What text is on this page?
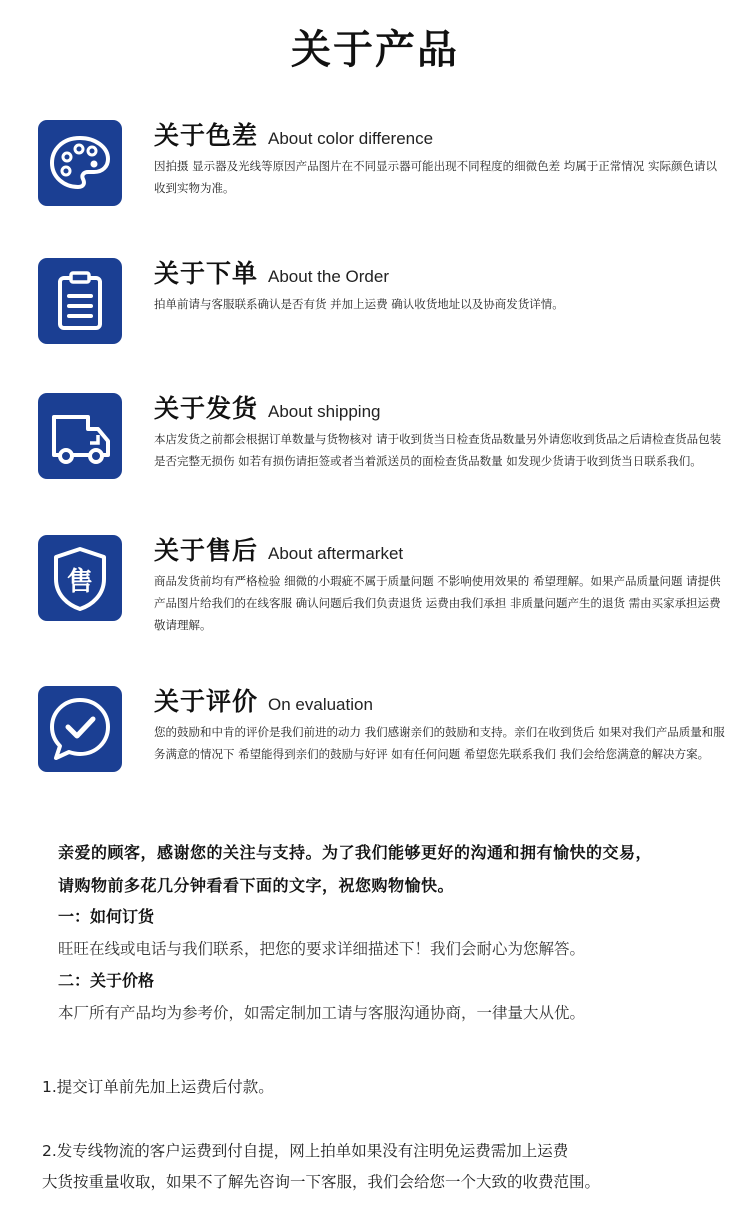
关于产品
关于色差 About color difference
因拍摄 显示器及光线等原因产品图片在不同显示器可能出现不同程度的细微色差 均属于正常情况 实际颜色请以收到实物为准。
关于下单 About the Order
拍单前请与客服联系确认是否有货 并加上运费 确认收货地址以及协商发货详情。
关于发货 About shipping
本店发货之前都会根据订单数量与货物核对 请于收到货当日检查货品数量另外请您收到货品之后请检查货品包装是否完整无损伤 如若有损伤请拒签或者当着派送员的面检查货品数量 如发现少货请于收到货当日联系我们。
售
关于售后 About aftermarket
商品发货前均有严格检验 细微的小瑕疵不属于质量问题 不影响使用效果的 希望理解。如果产品质量问题 请提供产品图片给我们的在线客服 确认问题后我们负责退货 运费由我们承担 非质量问题产生的退货 需由买家承担运费 敬请理解。
关于评价 On evaluation
您的鼓励和中肯的评价是我们前进的动力 我们感谢亲们的鼓励和支持。亲们在收到货后 如果对我们产品质量和服务满意的情况下 希望能得到亲们的鼓励与好评 如有任何问题 希望您先联系我们 我们会给您满意的解决方案。
亲爱的顾客，感谢您的关注与支持。为了我们能够更好的沟通和拥有愉快的交易，
请购物前多花几分钟看看下面的文字，祝您购物愉快。
一：如何订货
旺旺在线或电话与我们联系，把您的要求详细描述下！我们会耐心为您解答。
二：关于价格
本厂所有产品均为参考价，如需定制加工请与客服沟通协商，一律量大从优。
1.提交订单前先加上运费后付款。
2.发专线物流的客户运费到付自提，网上拍单如果没有注明免运费需加上运费
大货按重量收取，如果不了解先咨询一下客服，我们会给您一个大致的收费范围。
